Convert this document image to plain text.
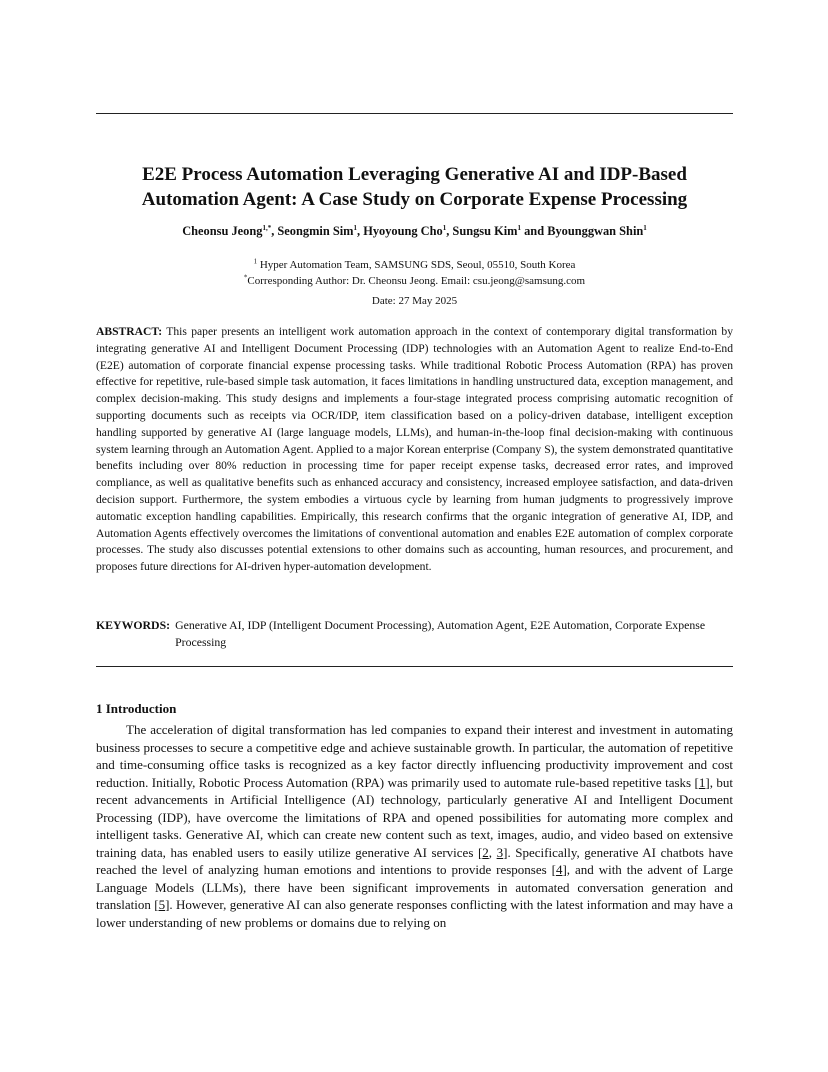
E2E Process Automation Leveraging Generative AI and IDP-Based
Automation Agent: A Case Study on Corporate Expense Processing
Cheonsu Jeong$^{1,*}$, Seongmin Sim$^1$, Hyoyoung Cho$^1$, Sungsu Kim$^1$ and Byounggwan Shin$^1$
$^1$ Hyper Automation Team, SAMSUNG SDS, Seoul, 05510, South Korea
*Corresponding Author: Dr. Cheonsu Jeong. Email: csu.jeong@samsung.com
Date: 27 May 2025
ABSTRACT: This paper presents an intelligent work automation approach in the context of contemporary digital transformation by integrating generative AI and Intelligent Document Processing (IDP) technologies with an Automation Agent to realize End-to-End (E2E) automation of corporate financial expense processing tasks. While traditional Robotic Process Automation (RPA) has proven effective for repetitive, rule-based simple task automation, it faces limitations in handling unstructured data, exception management, and complex decision-making. This study designs and implements a four-stage integrated process comprising automatic recognition of supporting documents such as receipts via OCR/IDP, item classification based on a policy-driven database, intelligent exception handling supported by generative AI (large language models, LLMs), and human-in-the-loop final decision-making with continuous system learning through an Automation Agent. Applied to a major Korean enterprise (Company S), the system demonstrated quantitative benefits including over 80% reduction in processing time for paper receipt expense tasks, decreased error rates, and improved compliance, as well as qualitative benefits such as enhanced accuracy and consistency, increased employee satisfaction, and data-driven decision support. Furthermore, the system embodies a virtuous cycle by learning from human judgments to progressively improve automatic exception handling capabilities. Empirically, this research confirms that the organic integration of generative AI, IDP, and Automation Agents effectively overcomes the limitations of conventional automation and enables E2E automation of complex corporate processes. The study also discusses potential extensions to other domains such as accounting, human resources, and procurement, and proposes future directions for AI-driven hyper-automation development.
KEYWORDS: Generative AI, IDP (Intelligent Document Processing), Automation Agent, E2E Automation, Corporate Expense Processing
1 Introduction

The acceleration of digital transformation has led companies to expand their interest and investment in automating business processes to secure a competitive edge and achieve sustainable growth. In particular, the automation of repetitive and time-consuming office tasks is recognized as a key factor directly influencing productivity improvement and cost reduction. Initially, Robotic Process Automation (RPA) was primarily used to automate rule-based repetitive tasks [1], but recent advancements in Artificial Intelligence (AI) technology, particularly generative AI and Intelligent Document Processing (IDP), have overcome the limitations of RPA and opened possibilities for automating more complex and intelligent tasks. Generative AI, which can create new content such as text, images, audio, and video based on extensive training data, has enabled users to easily utilize generative AI services [2, 3]. Specifically, generative AI chatbots have reached the level of analyzing human emotions and intentions to provide responses [4], and with the advent of Large Language Models (LLMs), there have been significant improvements in automated conversation generation and translation [5]. However, generative AI can also generate responses conflicting with the latest information and may have a lower understanding of new problems or domains due to relying on
